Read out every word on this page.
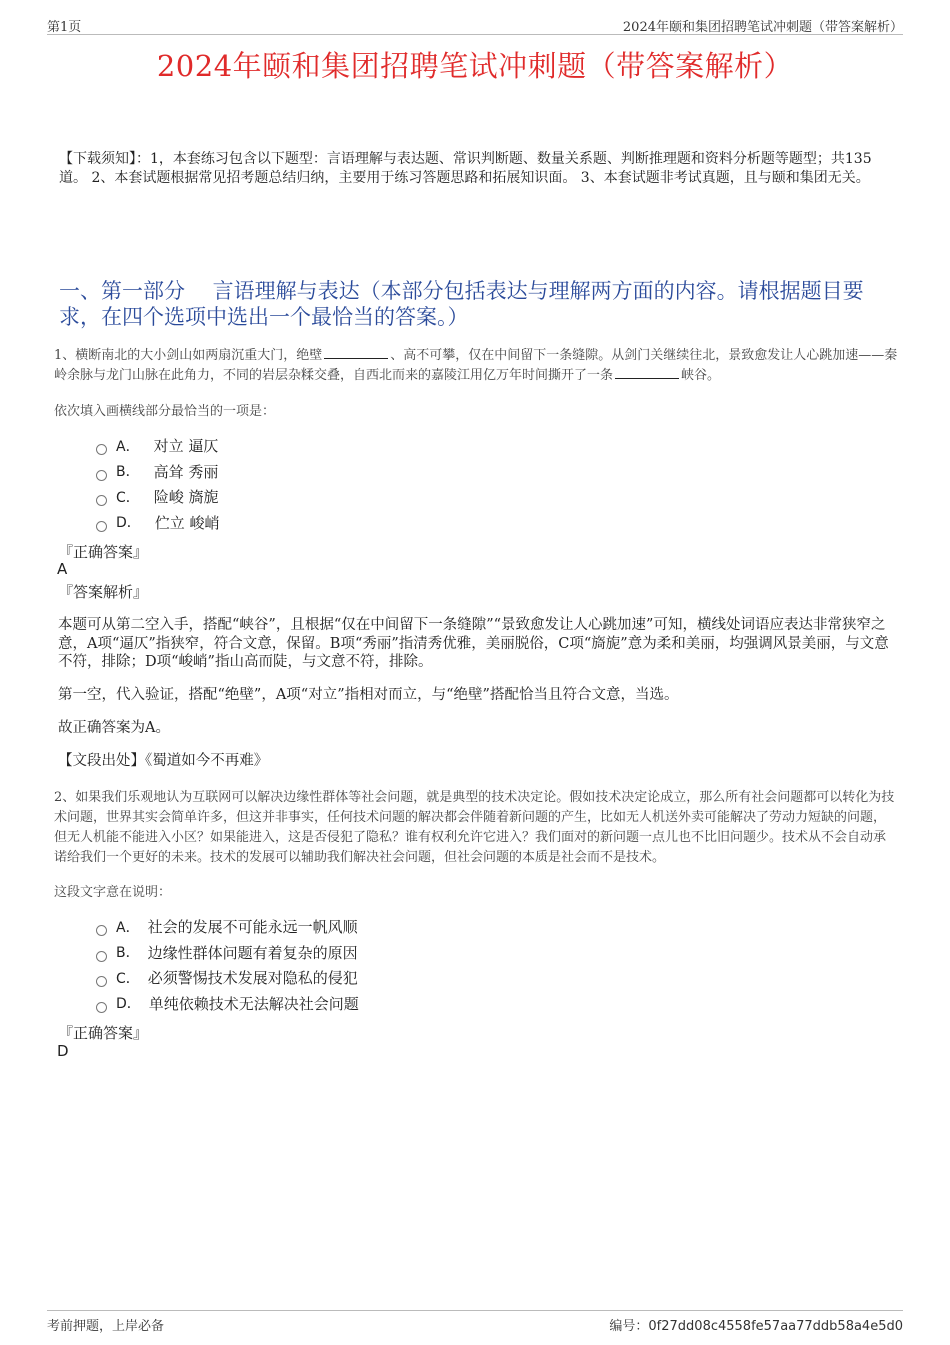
第1页	2024年颐和集团招聘笔试冲刺题（带答案解析）
2024年颐和集团招聘笔试冲刺题（带答案解析）
【下载须知】：1，本套练习包含以下题型：言语理解与表达题、常识判断题、数量关系题、判断推理题和资料分析题等题型；共135道。 2、本套试题根据常见招考题总结归纳，主要用于练习答题思路和拓展知识面。 3、本套试题非考试真题，且与颐和集团无关。
一、第一部分　 言语理解与表达（本部分包括表达与理解两方面的内容。请根据题目要求，在四个选项中选出一个最恰当的答案。）
1、横断南北的大小剑山如两扇沉重大门，绝壁	、高不可攀，仅在中间留下一条缝隙。从剑门关继续往北，景致愈发让人心跳加速——秦岭余脉与龙门山脉在此角力，不同的岩层杂糅交叠，自西北而来的嘉陵江用亿万年时间撕开了一条	峡谷。
依次填入画横线部分最恰当的一项是：
A． 对立 逼仄
B． 高耸 秀丽
C． 险峻 旖旎
D． 伫立 峻峭
『正确答案』
A
『答案解析』
本题可从第二空入手，搭配“峡谷”，且根据“仅在中间留下一条缝隙”“景致愈发让人心跳加速”可知，横线处词语应表达非常狭窄之意，A项“逼仄”指狭窄，符合文意，保留。B项“秀丽”指清秀优雅，美丽脱俗，C项“旖旎”意为柔和美丽，均强调风景美丽，与文意不符，排除；D项“峻峭”指山高而陡，与文意不符，排除。
第一空，代入验证，搭配“绝壁”，A项“对立”指相对而立，与“绝壁”搭配恰当且符合文意，当选。
故正确答案为A。
【文段出处】《蜀道如今不再难》
2、如果我们乐观地认为互联网可以解决边缘性群体等社会问题，就是典型的技术决定论。假如技术决定论成立，那么所有社会问题都可以转化为技术问题，世界其实会简单许多，但这并非事实，任何技术问题的解决都会伴随着新问题的产生，比如无人机送外卖可能解决了劳动力短缺的问题，但无人机能不能进入小区？如果能进入，这是否侵犯了隐私？谁有权利允许它进入？我们面对的新问题一点儿也不比旧问题少。技术从不会自动承诺给我们一个更好的未来。技术的发展可以辅助我们解决社会问题，但社会问题的本质是社会而不是技术。
这段文字意在说明：
A． 社会的发展不可能永远一帆风顺
B． 边缘性群体问题有着复杂的原因
C． 必须警惕技术发展对隐私的侵犯
D． 单纯依赖技术无法解决社会问题
『正确答案』
D
考前押题，上岸必备	编号：0f27dd08c4558fe57aa77ddb58a4e5d0
